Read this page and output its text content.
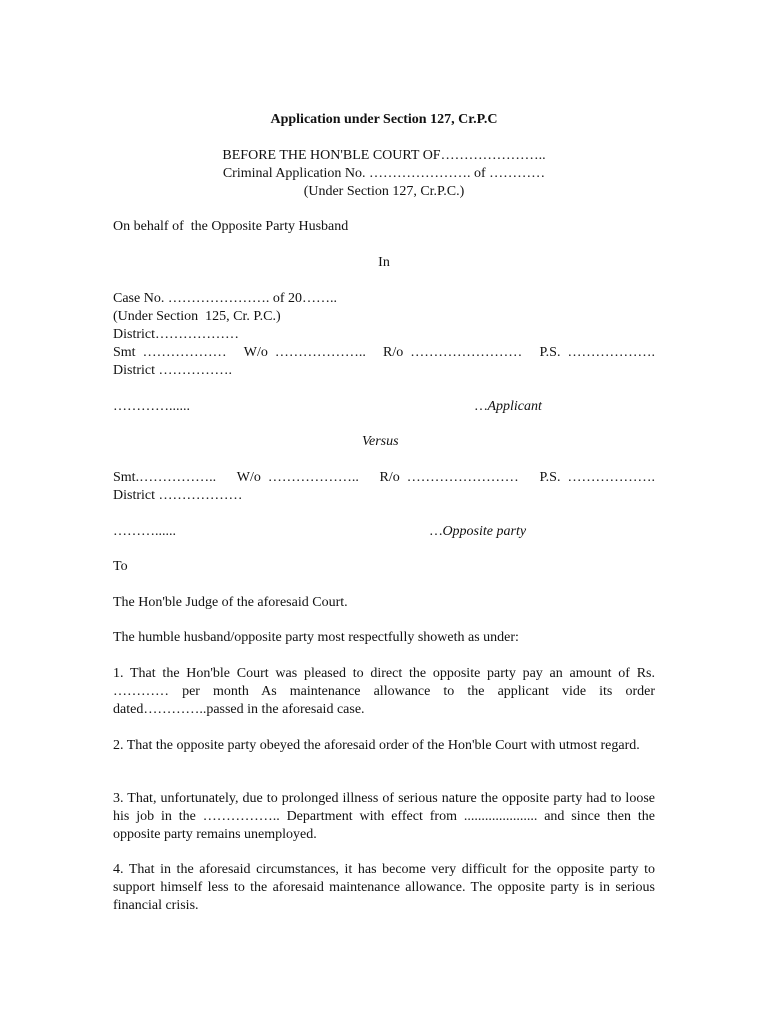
Application under Section 127, Cr.P.C
BEFORE THE HON'BLE COURT OF…………………..
Criminal Application No. …………………. of …………
(Under Section 127, Cr.P.C.)
On behalf of  the Opposite Party Husband
In
Case No. …………………. of 20……..
(Under Section  125, Cr. P.C.)
District………………
Smt  ……………… W/o  ……………….. R/o  …………………… P.S.  ……………….
District …………….
…………......	…Applicant
Versus
Smt.…………….. W/o  ……………….. R/o  …………………… P.S.  ……………….
District ………………
………......	…Opposite party
To
The Hon'ble Judge of the aforesaid Court.
The humble husband/opposite party most respectfully showeth as under:
1. That the Hon'ble Court was pleased to direct the opposite party pay an amount of Rs. ………… per month As maintenance allowance to the applicant vide its order dated…………..passed in the aforesaid case.
2. That the opposite party obeyed the aforesaid order of the Hon'ble Court with utmost regard.
3. That, unfortunately, due to prolonged illness of serious nature the opposite party had to loose his job in the …………….. Department with effect from ..................... and since then the opposite party remains unemployed.
4. That in the aforesaid circumstances, it has become very difficult for the opposite party to support himself less to the aforesaid maintenance allowance. The opposite party is in serious financial crisis.
